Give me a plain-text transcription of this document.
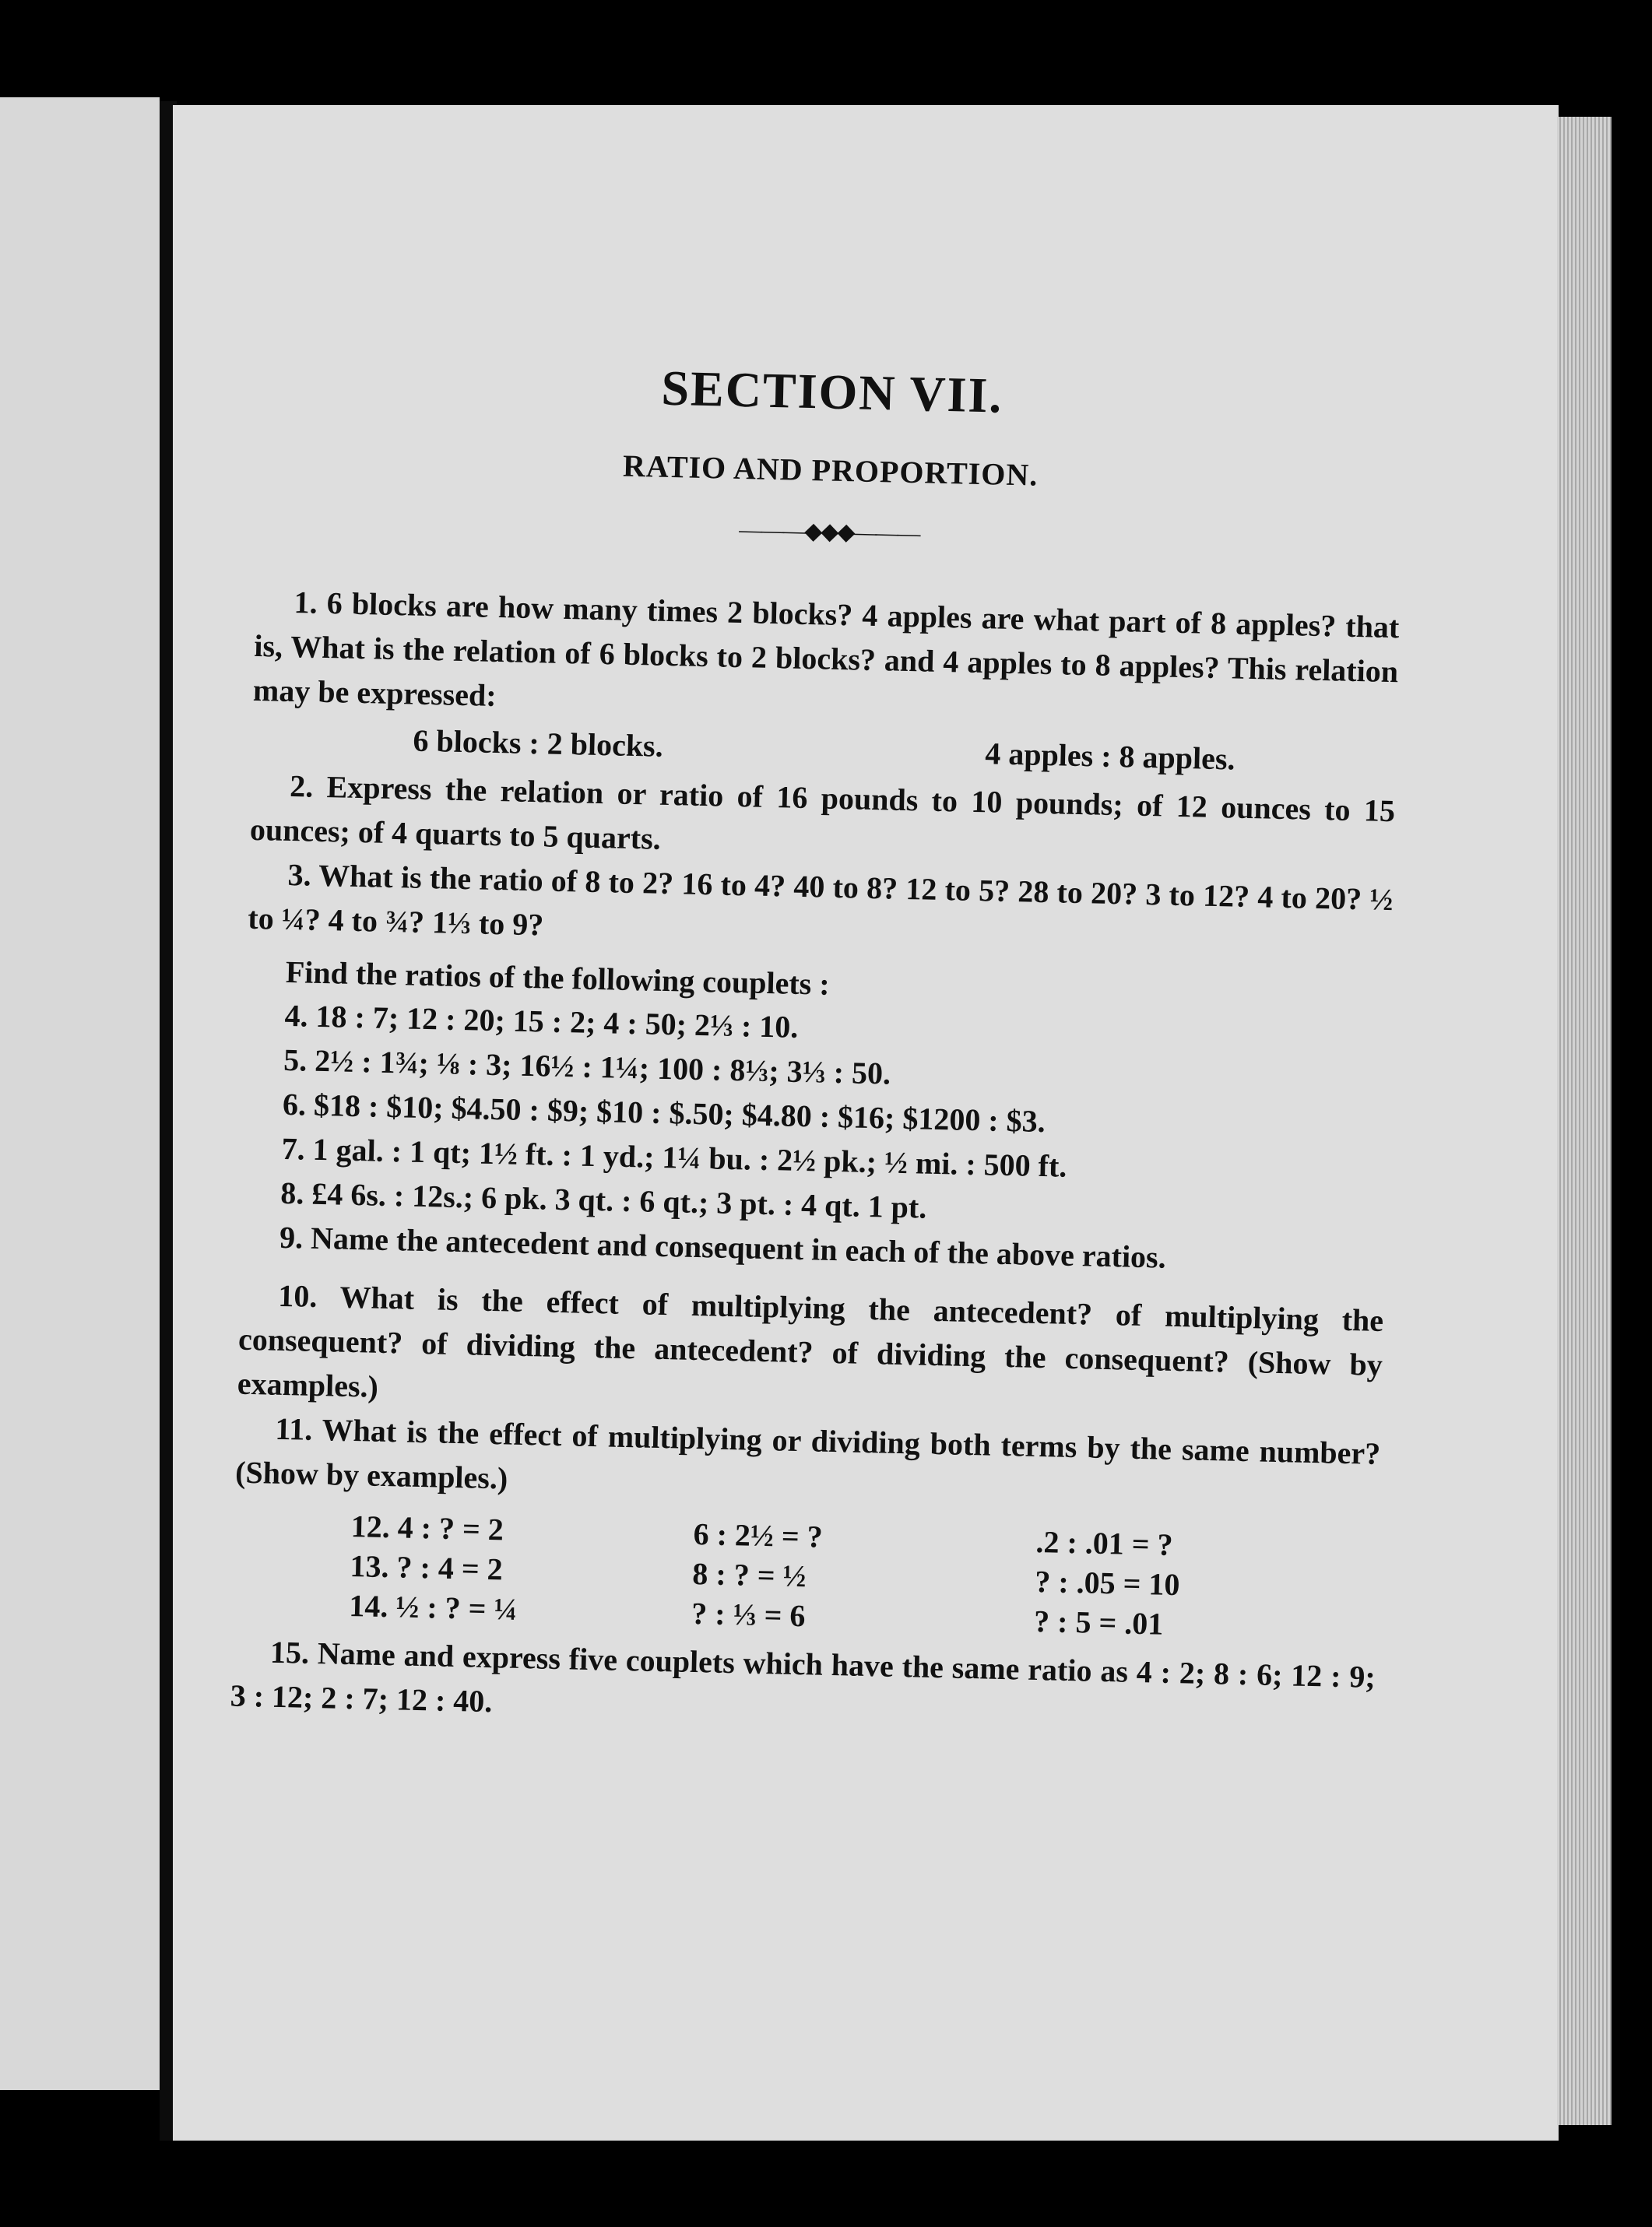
SECTION VII.
RATIO AND PROPORTION.
———◆◆◆———

1. 6 blocks are how many times 2 blocks? 4 apples are what part of 8 apples? that is, What is the relation of 6 blocks to 2 blocks? and 4 apples to 8 apples? This relation may be expressed:

6 blocks : 2 blocks.	4 apples : 8 apples.

2. Express the relation or ratio of 16 pounds to 10 pounds; of 12 ounces to 15 ounces; of 4 quarts to 5 quarts.

3. What is the ratio of 8 to 2? 16 to 4? 40 to 8? 12 to 5? 28 to 20? 3 to 12? 4 to 20? ½ to ¼? 4 to ¾? 1⅓ to 9?

Find the ratios of the following couplets :

4. 18 : 7; 12 : 20; 15 : 2; 4 : 50; 2⅓ : 10.

5. 2½ : 1¾; ⅛ : 3; 16½ : 1¼; 100 : 8⅓; 3⅓ : 50.

6. $18 : $10; $4.50 : $9; $10 : $.50; $4.80 : $16; $1200 : $3.

7. 1 gal. : 1 qt; 1½ ft. : 1 yd.; 1¼ bu. : 2½ pk.; ½ mi. : 500 ft.

8. £4 6s. : 12s.; 6 pk. 3 qt. : 6 qt.; 3 pt. : 4 qt. 1 pt.

9. Name the antecedent and consequent in each of the above ratios.

10. What is the effect of multiplying the antecedent? of multiplying the consequent? of dividing the antecedent? of dividing the consequent? (Show by examples.)

11. What is the effect of multiplying or dividing both terms by the same number? (Show by examples.)

12. 4 : ? = 2	6 : 2½ = ?	.2 : .01 = ?
13. ? : 4 = 2	8 : ? = ½	? : .05 = 10
14. ½ : ? = ¼	? : ⅓ = 6	? : 5 = .01

15. Name and express five couplets which have the same ratio as 4 : 2; 8 : 6; 12 : 9; 3 : 12; 2 : 7; 12 : 40.
